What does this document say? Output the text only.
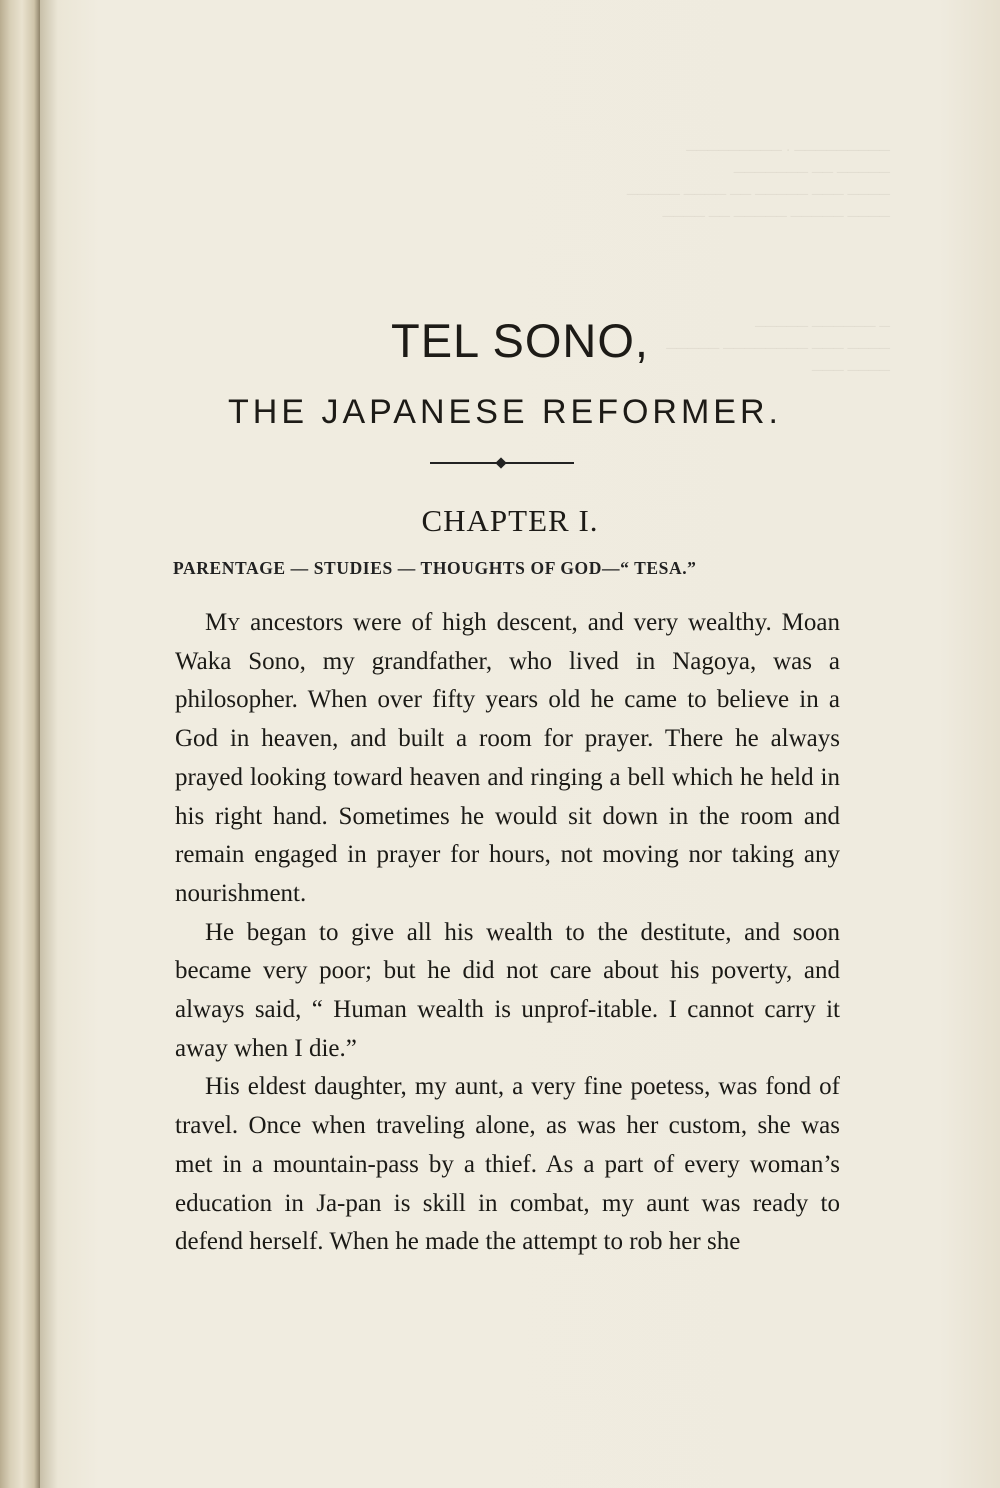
───────── · ─────────
───── ── ───────
──── ─── ───── ── ──── ─────
──── ───── ───── ── ────

─ ────── ─────
──── ─── ──────── ─────
──── ───
TEL SONO,
THE JAPANESE REFORMER.
CHAPTER I.
PARENTAGE — STUDIES — THOUGHTS OF GOD—“ TESA.”

My ancestors were of high descent, and very wealthy. Moan Waka Sono, my grandfather, who lived in Nagoya, was a philosopher. When over fifty years old he came to believe in a God in heaven, and built a room for prayer. There he always prayed looking toward heaven and ringing a bell which he held in his right hand. Sometimes he would sit down in the room and remain engaged in prayer for hours, not moving nor taking any nourishment.

He began to give all his wealth to the destitute, and soon became very poor; but he did not care about his poverty, and always said, “ Human wealth is unprof-itable. I cannot carry it away when I die.”

His eldest daughter, my aunt, a very fine poetess, was fond of travel. Once when traveling alone, as was her custom, she was met in a mountain-pass by a thief. As a part of every woman’s education in Ja-pan is skill in combat, my aunt was ready to defend herself. When he made the attempt to rob her she
